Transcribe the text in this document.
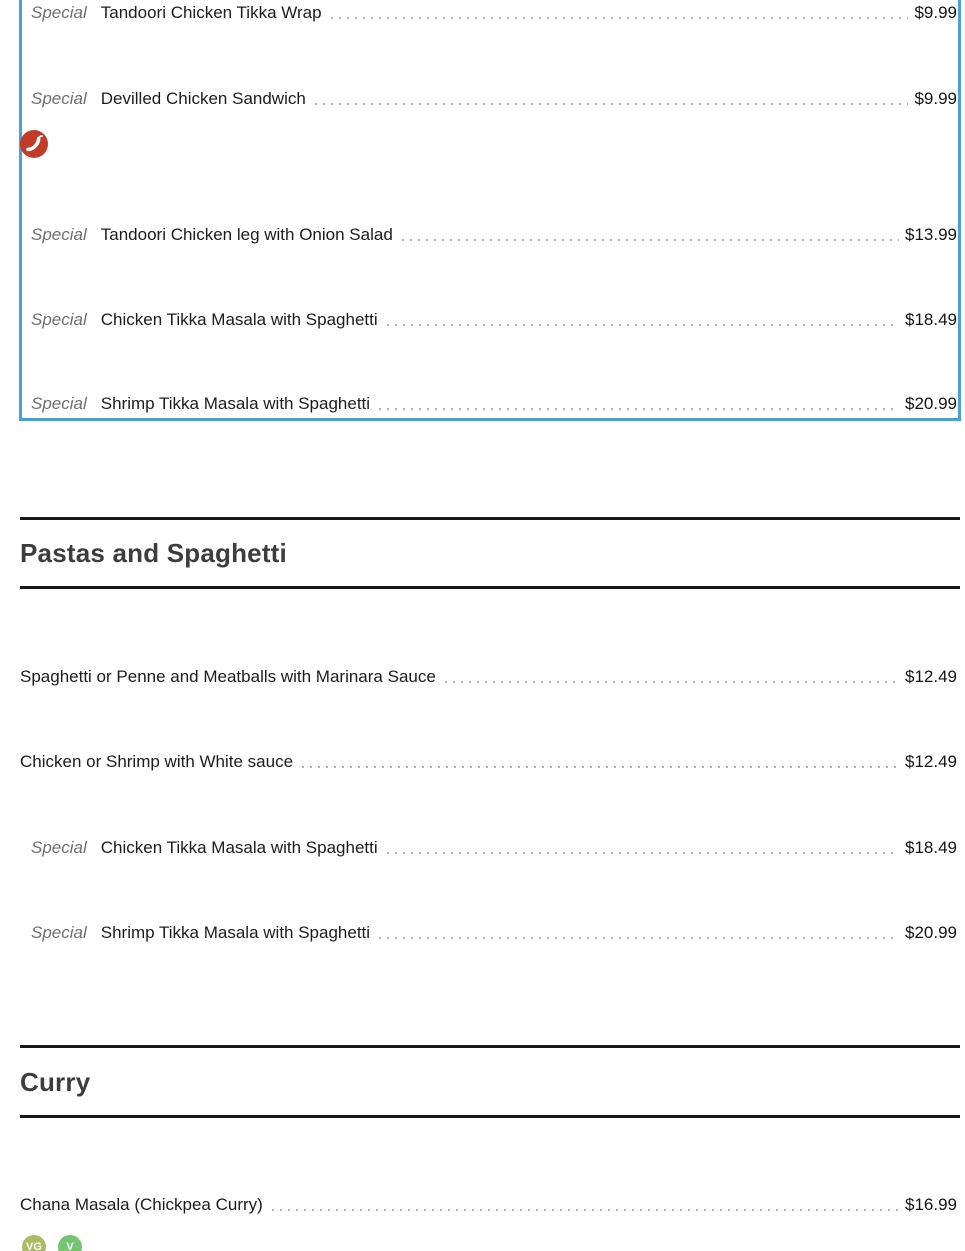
Special Tandoori Chicken Tikka Wrap	$9.99
Special Devilled Chicken Sandwich	$9.99
Special Tandoori Chicken leg with Onion Salad	$13.99
Special Chicken Tikka Masala with Spaghetti	$18.49
Special Shrimp Tikka Masala with Spaghetti	$20.99
Pastas and Spaghetti
Spaghetti or Penne and Meatballs with Marinara Sauce	$12.49
Chicken or Shrimp with White sauce	$12.49
Special Chicken Tikka Masala with Spaghetti	$18.49
Special Shrimp Tikka Masala with Spaghetti	$20.99
Curry
Chana Masala (Chickpea Curry)	$16.99
VG V
